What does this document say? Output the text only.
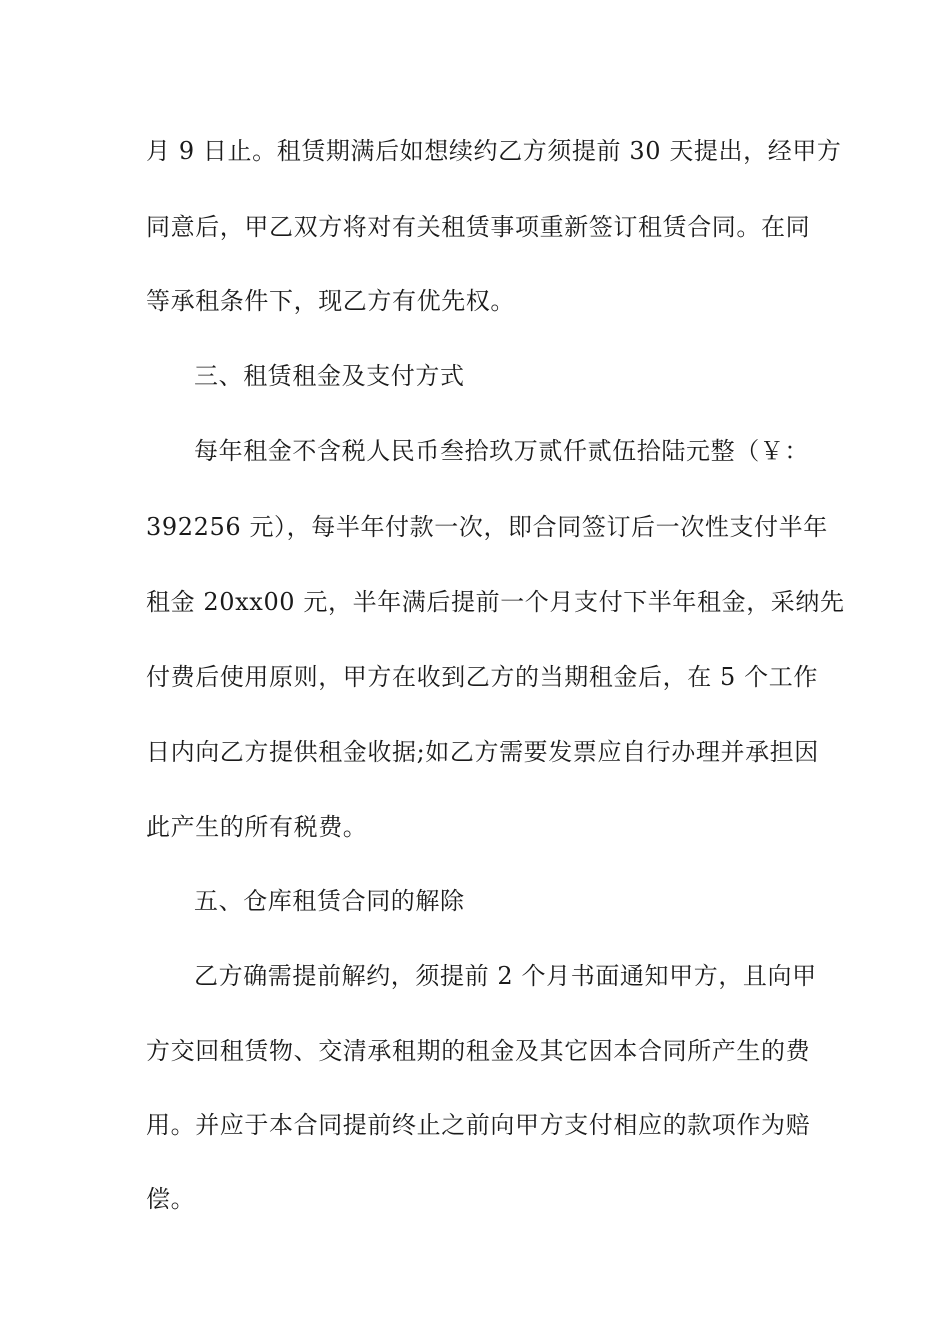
月 9 日止。租赁期满后如想续约乙方须提前 30 天提出，经甲方
同意后，甲乙双方将对有关租赁事项重新签订租赁合同。在同
等承租条件下，现乙方有优先权。
三、租赁租金及支付方式
每年租金不含税人民币叁拾玖万贰仟贰伍拾陆元整（￥：
392256 元），每半年付款一次，即合同签订后一次性支付半年
租金 20xx00 元，半年满后提前一个月支付下半年租金，采纳先
付费后使用原则，甲方在收到乙方的当期租金后，在 5 个工作
日内向乙方提供租金收据;如乙方需要发票应自行办理并承担因
此产生的所有税费。
五、仓库租赁合同的解除
乙方确需提前解约，须提前 2 个月书面通知甲方，且向甲
方交回租赁物、交清承租期的租金及其它因本合同所产生的费
用。并应于本合同提前终止之前向甲方支付相应的款项作为赔
偿。
